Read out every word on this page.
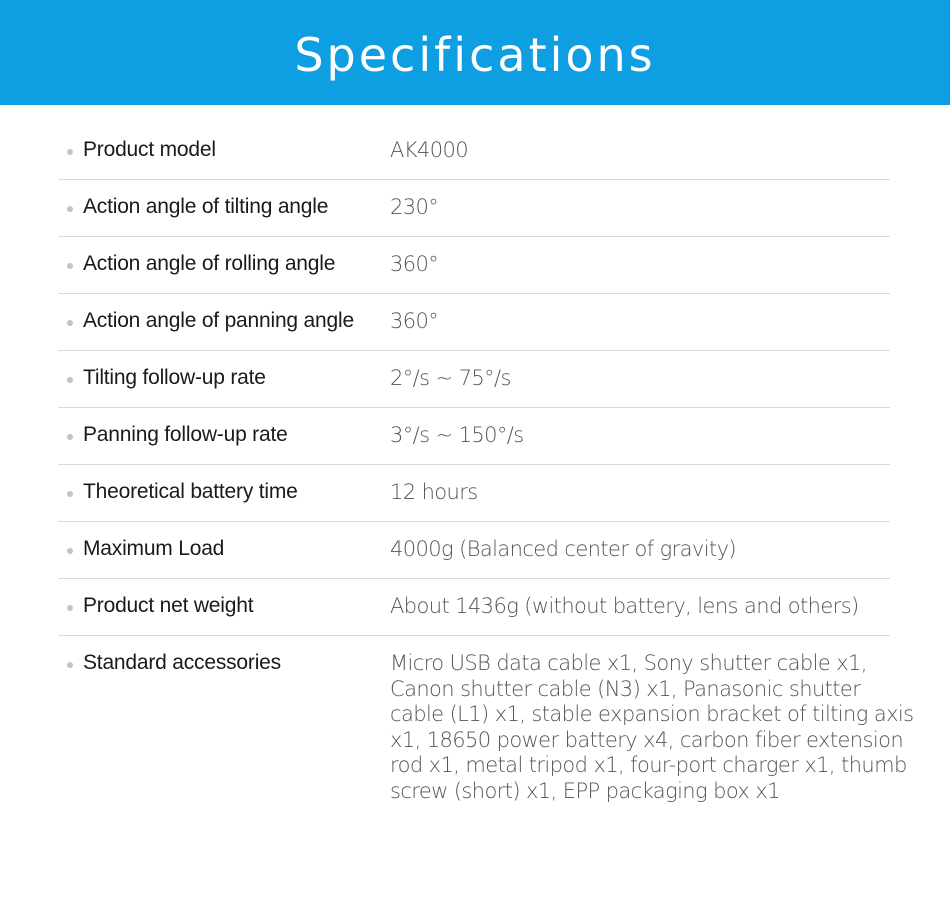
Specifications
Product model	AK4000
Action angle of tilting angle	230°
Action angle of rolling angle	360°
Action angle of panning angle 360°
Tilting follow-up rate	2°/s ~ 75°/s
Panning follow-up rate	3°/s ~ 150°/s
Theoretical battery time	12 hours
Maximum Load	4000g (Balanced center of gravity)
Product net weight	About 1436g (without battery, lens and others)
Standard accessories	Micro USB data cable x1, Sony shutter cable x1,
Canon shutter cable (N3) x1, Panasonic shutter
cable (L1) x1, stable expansion bracket of tilting axis
x1, 18650 power battery x4, carbon fiber extension
rod x1, metal tripod x1, four-port charger x1, thumb
screw (short) x1, EPP packaging box x1
